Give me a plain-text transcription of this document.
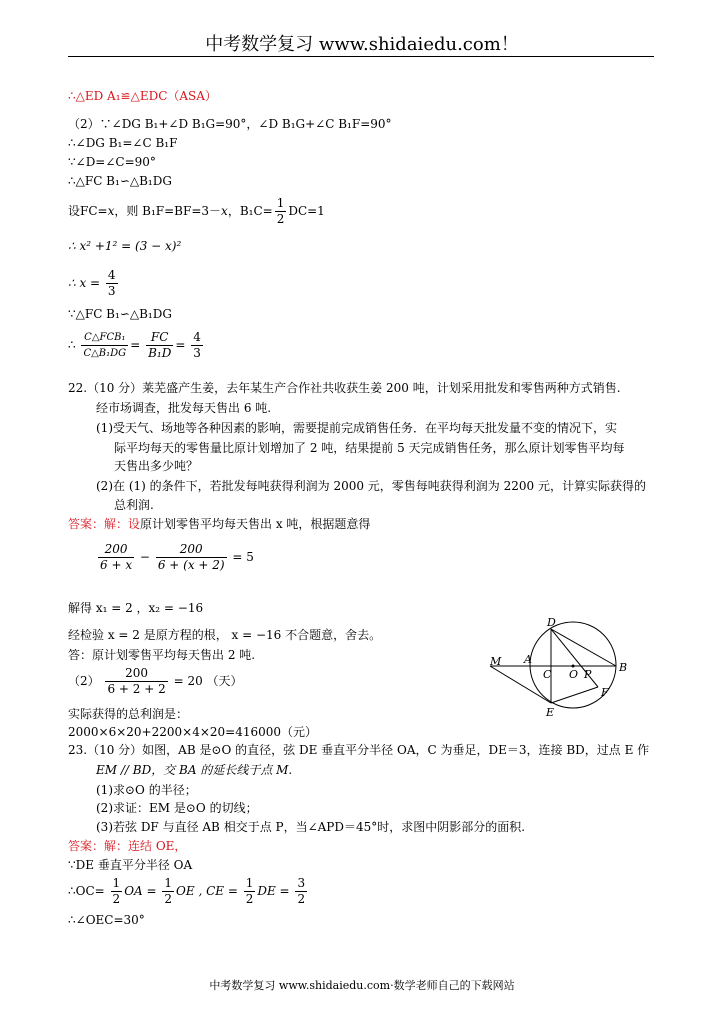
中考数学复习 www.shidaiedu.com！
∴△ED A₁≌△EDC（ASA）
（2）∵∠DG B₁+∠D B₁G=90°，∠D B₁G+∠C B₁F=90°
∴∠DG B₁=∠C B₁F
∵∠D=∠C=90°
∴△FC B₁∽△B₁DG
设FC=x，则 B₁F=BF=3－x，$B_1C= \frac{1}{2} DC=1$
∴ x² +1² = (3 − x)²
∴ $x = \frac{4}{3}$
∵△FC B₁∽△B₁DG
∴ $\frac{\text{C△FCB₁}}{\text{C△B₁DG}} = \frac{FC}{\text{B₁D}} = \frac{4}{3}$
22.（10 分）莱芜盛产生姜，去年某生产合作社共收获生姜 200 吨，计划采用批发和零售两种方式销售.
经市场调查，批发每天售出 6 吨.
(1)受天气、场地等各种因素的影响，需要提前完成销售任务．在平均每天批发量不变的情况下，实
际平均每天的零售量比原计划增加了 2 吨，结果提前 5 天完成销售任务，那么原计划零售平均每
天售出多少吨？
(2)在 (1) 的条件下，若批发每吨获得利润为 2000 元，零售每吨获得利润为 2200 元，计算实际获得的
总利润.
答案：解：设原计划零售平均每天售出 x 吨，根据题意得
$\frac{200}{6 + x} - \frac{200}{6 + (x + 2)} = 5$
解得 x₁ = 2 ，x₂ = −16
经检验 x = 2 是原方程的根， x = −16 不合题意，舍去。
答：原计划零售平均每天售出 2 吨.
$(2) \frac{200}{6 + 2 + 2} = 20$ （天）
实际获得的总利润是：
2000×6×20+2200×4×20=416000（元）
23.（10 分）如图，AB 是⊙O 的直径，弦 DE 垂直平分半径 OA，C 为垂足，DE＝3，连接 BD，过点 E 作
EM // BD，交 BA 的延长线于点 M.
(1)求⊙O 的半径；
(2)求证：EM 是⊙O 的切线；
(3)若弦 DF 与直径 AB 相交于点 P，当∠APD＝45°时，求图中阴影部分的面积.
答案：解：连结 OE，
∵DE 垂直平分半径 OA
∴OC= $\frac{1}{2}$ OA = $\frac{1}{2}$ OE , CE = $\frac{1}{2}$ DE = $\frac{3}{2}$
∴∠OEC=30°
D
M A
C O P
B
F
E
中考数学复习 www.shidaiedu.com·数学老师自己的下载网站
